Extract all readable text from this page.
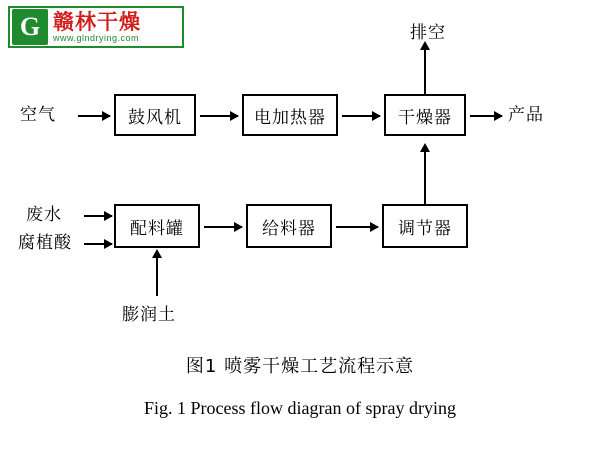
G 赣林干燥
www.glndrying.com
空气	鼓风机	电加热器	干燥器	产品
排空
废水
腐植酸
配料罐	给料器	调节器
膨润土
图1 喷雾干燥工艺流程示意
Fig. 1 Process flow diagran of spray drying
